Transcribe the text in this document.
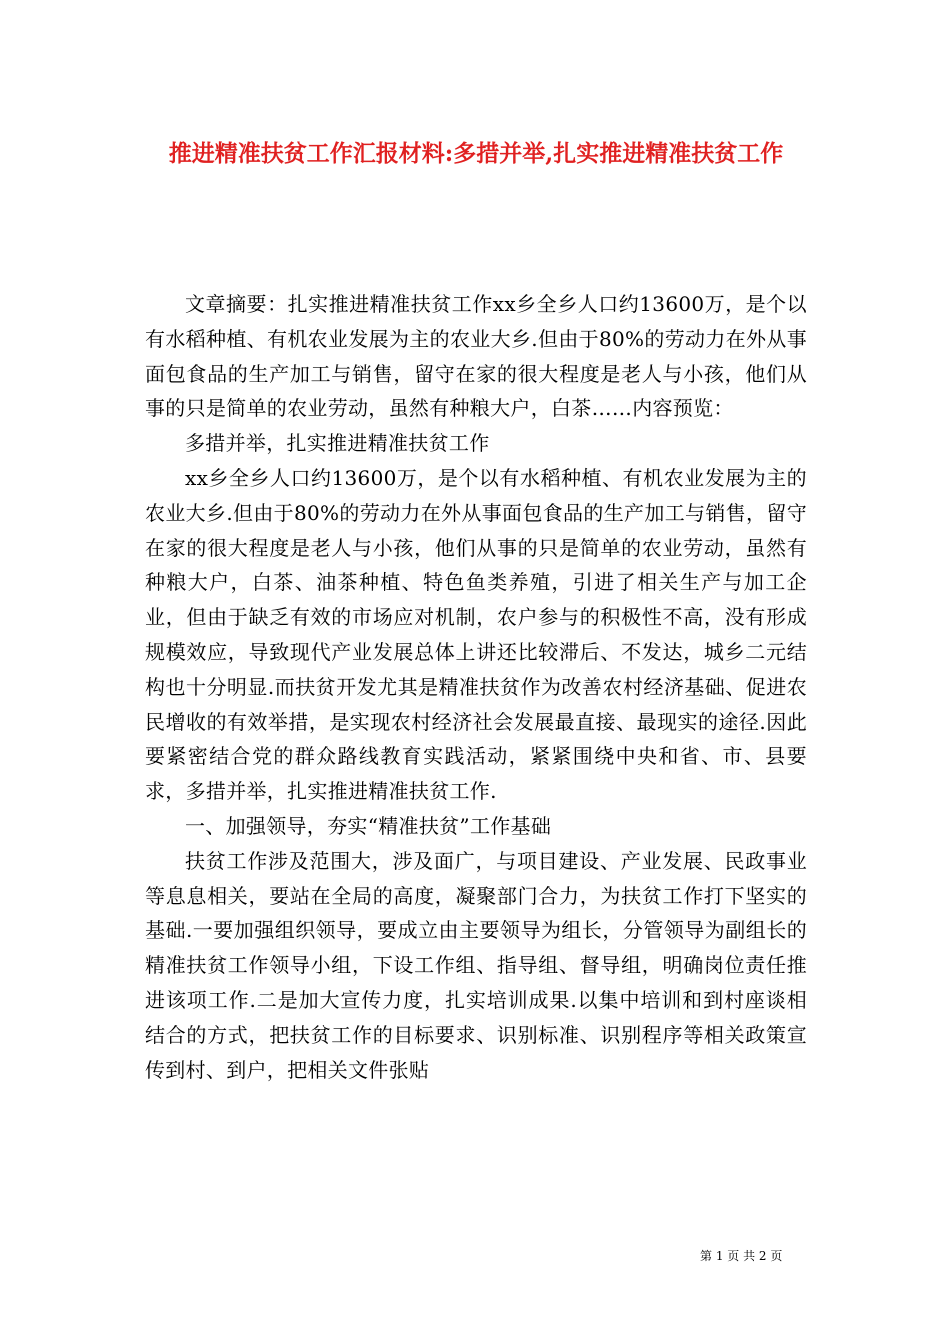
推进精准扶贫工作汇报材料:多措并举,扎实推进精准扶贫工作

文章摘要：扎实推进精准扶贫工作xx乡全乡人口约13600万，是个以有水稻种植、有机农业发展为主的农业大乡.但由于80%的劳动力在外从事面包食品的生产加工与销售，留守在家的很大程度是老人与小孩，他们从事的只是简单的农业劳动，虽然有种粮大户，白茶……内容预览：

多措并举，扎实推进精准扶贫工作

xx乡全乡人口约13600万，是个以有水稻种植、有机农业发展为主的农业大乡.但由于80%的劳动力在外从事面包食品的生产加工与销售，留守在家的很大程度是老人与小孩，他们从事的只是简单的农业劳动，虽然有种粮大户，白茶、油茶种植、特色鱼类养殖，引进了相关生产与加工企业，但由于缺乏有效的市场应对机制，农户参与的积极性不高，没有形成规模效应，导致现代产业发展总体上讲还比较滞后、不发达，城乡二元结构也十分明显.而扶贫开发尤其是精准扶贫作为改善农村经济基础、促进农民增收的有效举措，是实现农村经济社会发展最直接、最现实的途径.因此要紧密结合党的群众路线教育实践活动，紧紧围绕中央和省、市、县要求，多措并举，扎实推进精准扶贫工作.

一、加强领导，夯实“精准扶贫”工作基础

扶贫工作涉及范围大，涉及面广，与项目建设、产业发展、民政事业等息息相关，要站在全局的高度，凝聚部门合力，为扶贫工作打下坚实的基础.一要加强组织领导，要成立由主要领导为组长，分管领导为副组长的精准扶贫工作领导小组，下设工作组、指导组、督导组，明确岗位责任推进该项工作.二是加大宣传力度，扎实培训成果.以集中培训和到村座谈相结合的方式，把扶贫工作的目标要求、识别标准、识别程序等相关政策宣传到村、到户，把相关文件张贴

第 1 页 共 2 页
